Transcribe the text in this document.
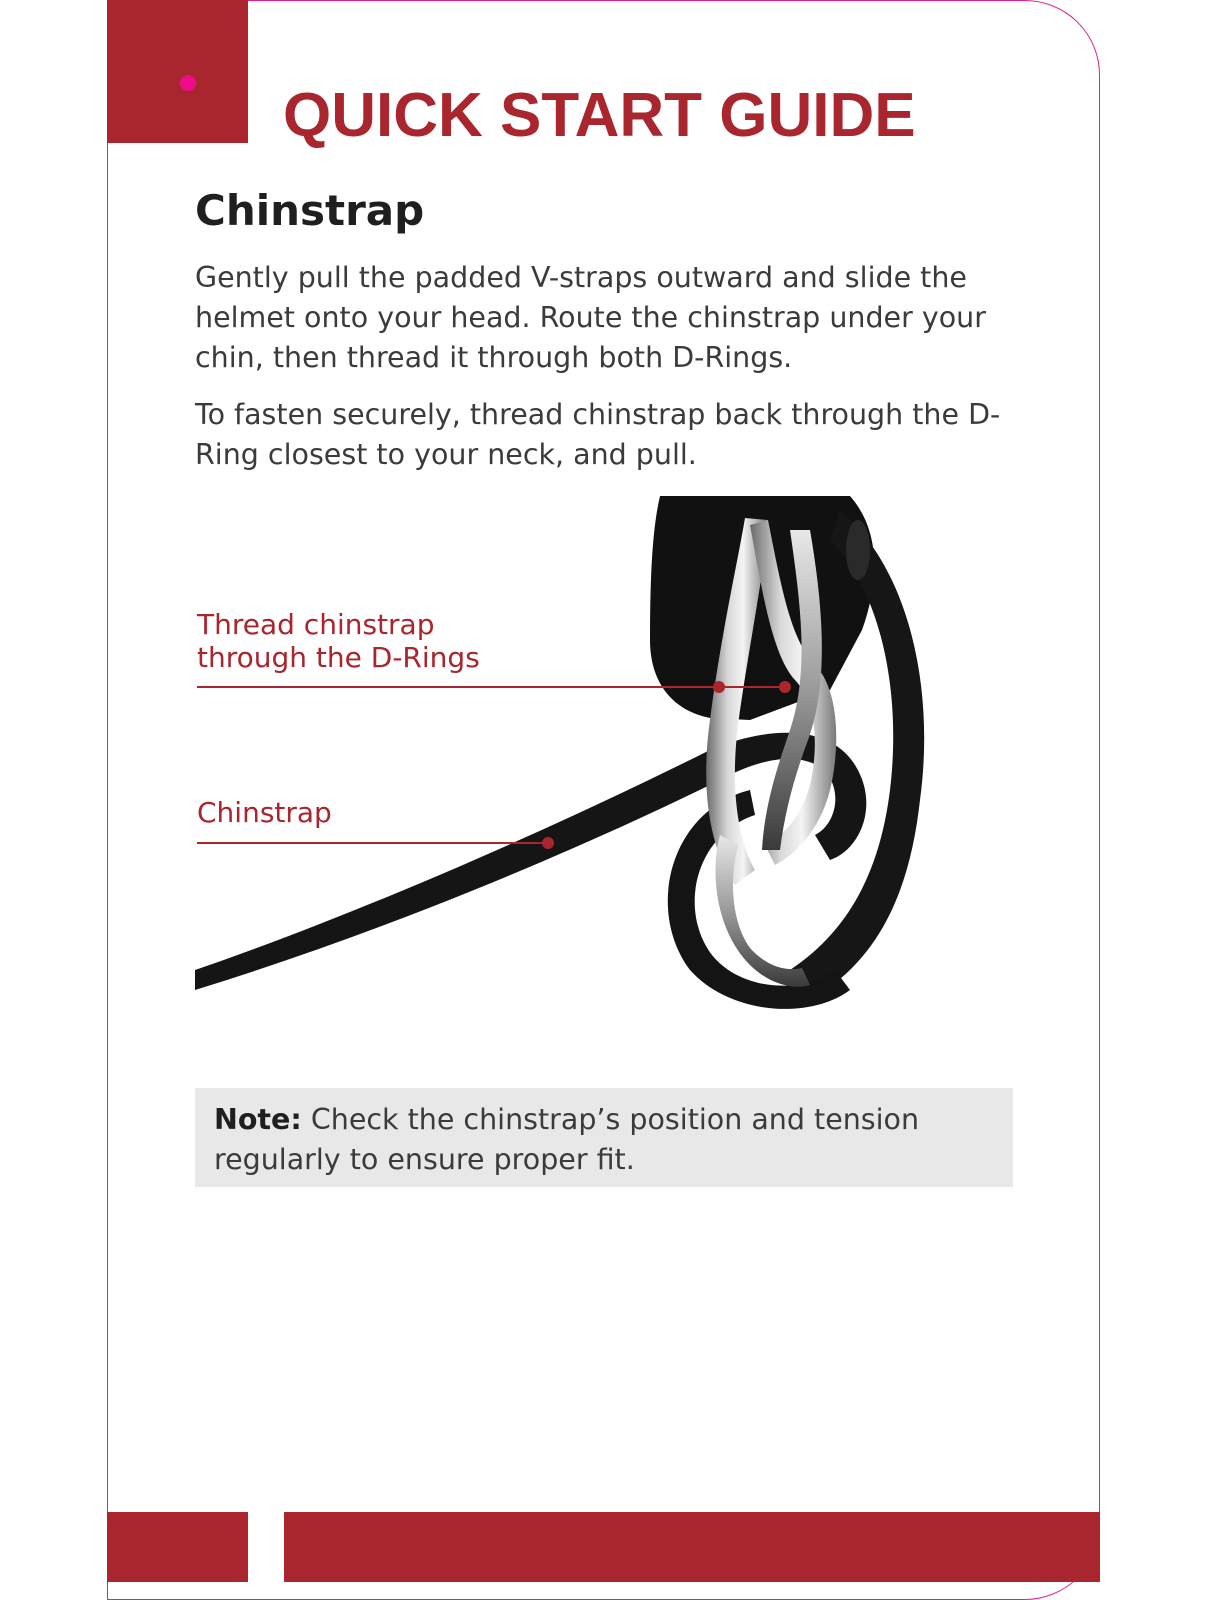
QUICK START GUIDE
Chinstrap

Gently pull the padded V-straps outward and slide the helmet onto your head. Route the chinstrap under your chin, then thread it through both D-Rings.

To fasten securely, thread chinstrap back through the D-Ring closest to your neck, and pull.

Thread chinstrap
through the D-Rings

Chinstrap

Note: Check the chinstrap’s position and tension regularly to ensure proper fit.
